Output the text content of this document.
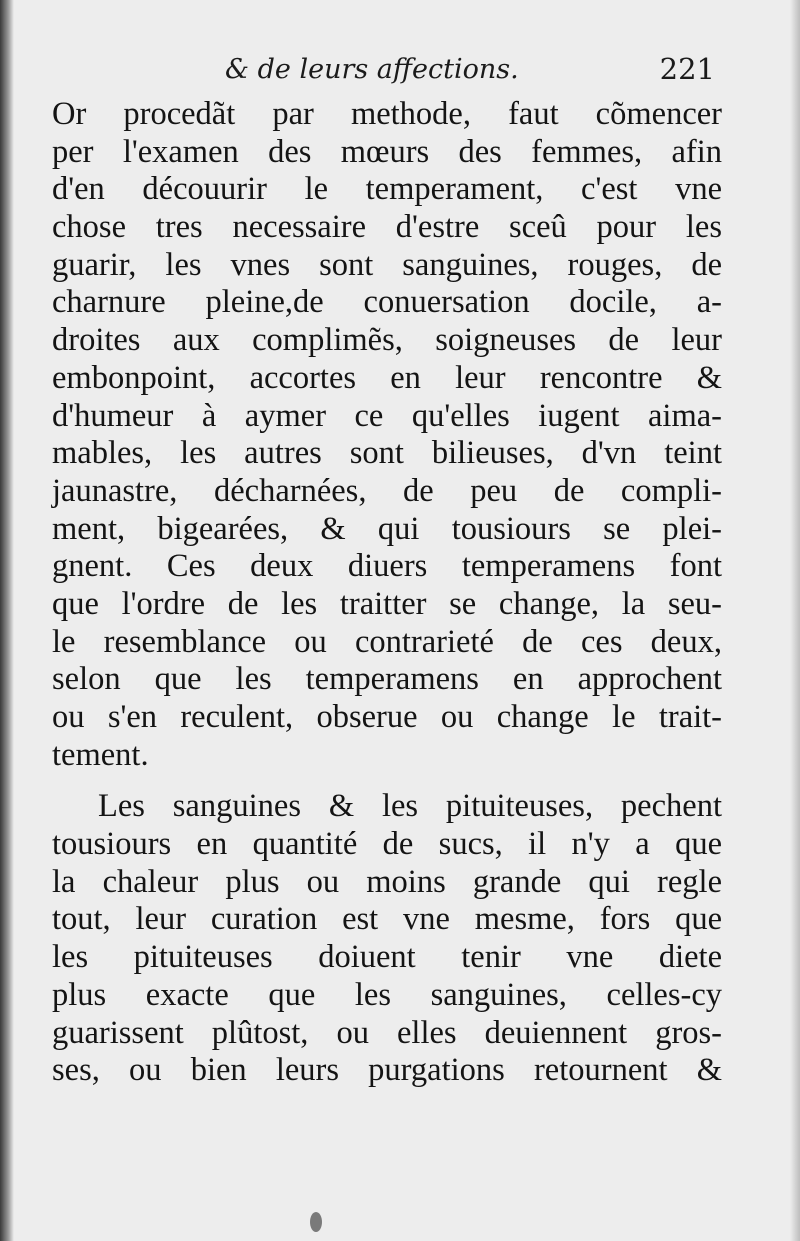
& de leurs affections.	221
Or procedãt par methode, faut cõmencer
per l'examen des mœurs des femmes, afin
d'en découurir le temperament, c'est vne
chose tres necessaire d'estre sceû pour les
guarir, les vnes sont sanguines, rouges, de
charnure pleine,de conuersation docile, a-
droites aux complimẽs, soigneuses de leur
embonpoint, accortes en leur rencontre &
d'humeur à aymer ce qu'elles iugent aima-
mables, les autres sont bilieuses, d'vn teint
jaunastre, décharnées, de peu de compli-
ment, bigearées, & qui tousiours se plei-
gnent. Ces deux diuers temperamens font
que l'ordre de les traitter se change, la seu-
le resemblance ou contrarieté de ces deux,
selon que les temperamens en approchent
ou s'en reculent, obserue ou change le trait-
tement.
Les sanguines & les pituiteuses, pechent
tousiours en quantité de sucs, il n'y a que
la chaleur plus ou moins grande qui regle
tout, leur curation est vne mesme, fors que
les pituiteuses doiuent tenir vne diete
plus exacte que les sanguines, celles-cy
guarissent plûtost, ou elles deuiennent gros-
ses, ou bien leurs purgations retournent &
